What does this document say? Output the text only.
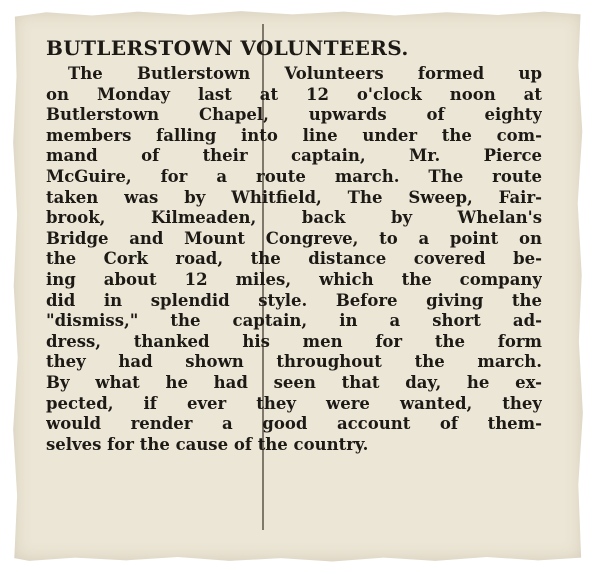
BUTLERSTOWN VOLUNTEERS.
The Butlerstown Volunteers formed up
on Monday last at 12 o'clock noon at
Butlerstown Chapel, upwards of eighty
members falling into line under the com-
mand of their captain, Mr. Pierce
McGuire, for a route march. The route
taken was by Whitfield, The Sweep, Fair-
brook, Kilmeaden, back by Whelan's
Bridge and Mount Congreve, to a point on
the Cork road, the distance covered be-
ing about 12 miles, which the company
did in splendid style. Before giving the
"dismiss," the captain, in a short ad-
dress, thanked his men for the form
they had shown throughout the march.
By what he had seen that day, he ex-
pected, if ever they were wanted, they
would render a good account of them-
selves for the cause of the country.
